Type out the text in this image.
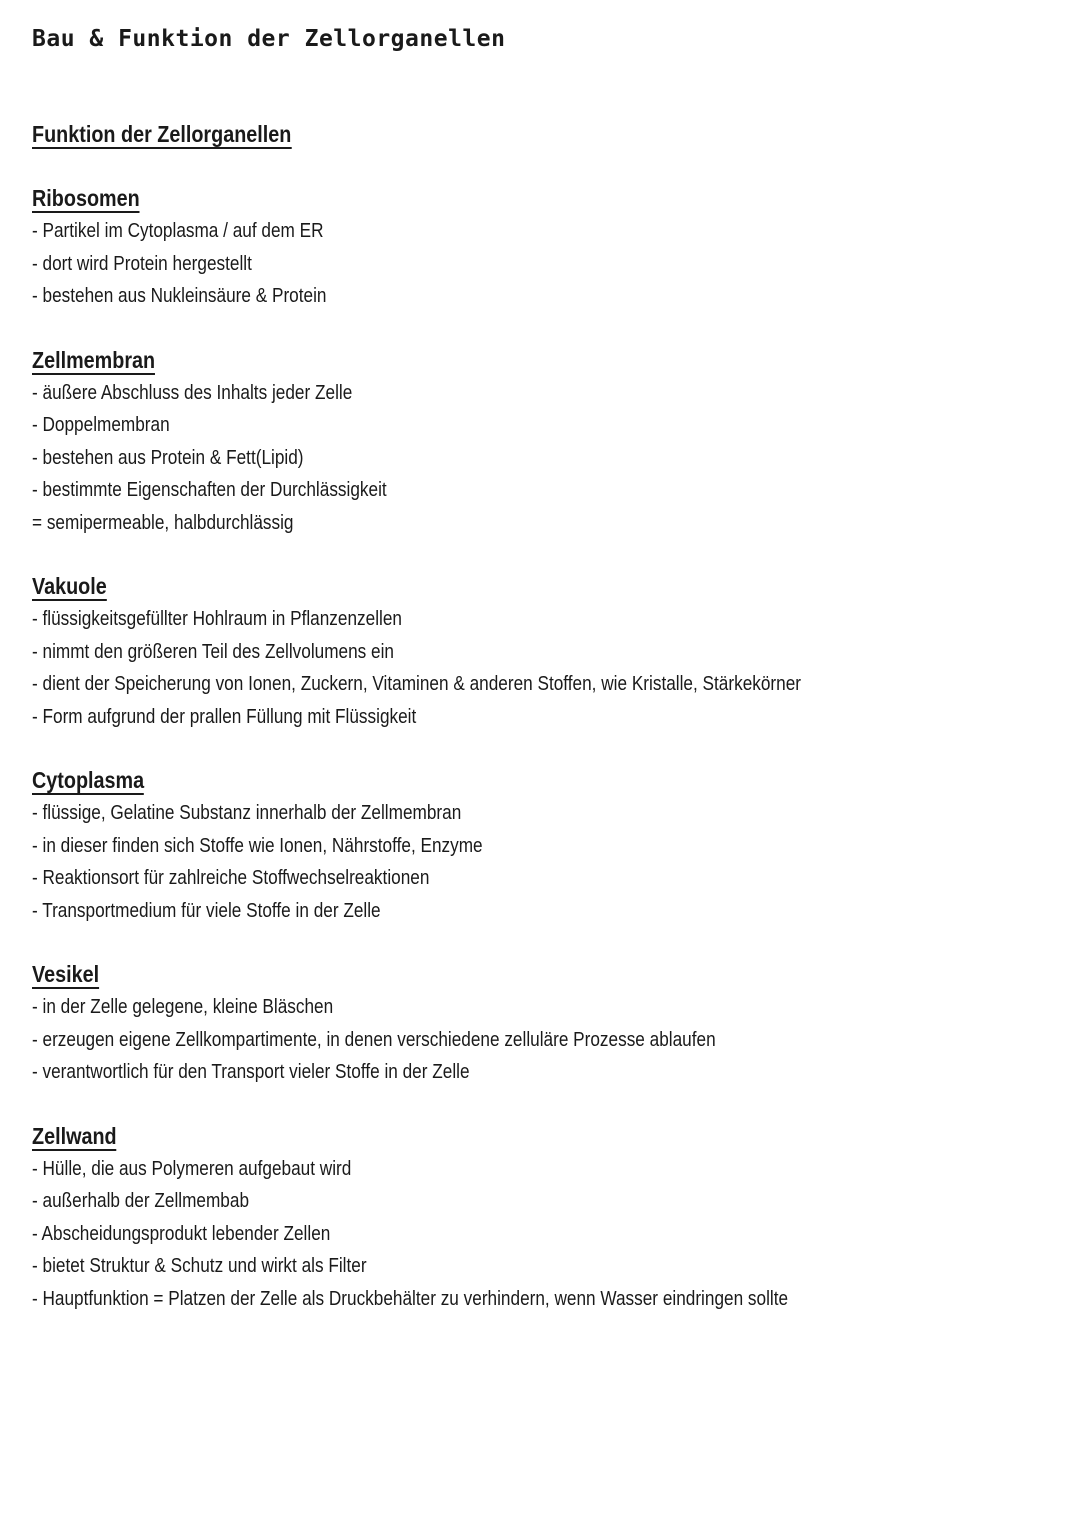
Bau & Funktion der Zellorganellen
Funktion der Zellorganellen
Ribosomen
- Partikel im Cytoplasma / auf dem ER
- dort wird Protein hergestellt
- bestehen aus Nukleinsäure & Protein
Zellmembran
- äußere Abschluss des Inhalts jeder Zelle
- Doppelmembran
- bestehen aus Protein & Fett(Lipid)
- bestimmte Eigenschaften der Durchlässigkeit
= semipermeable, halbdurchlässig
Vakuole
- flüssigkeitsgefüllter Hohlraum in Pflanzenzellen
- nimmt den größeren Teil des Zellvolumens ein
- dient der Speicherung von Ionen, Zuckern, Vitaminen & anderen Stoffen, wie Kristalle, Stärkekörner
- Form aufgrund der prallen Füllung mit Flüssigkeit
Cytoplasma
- flüssige, Gelatine Substanz innerhalb der Zellmembran
- in dieser finden sich Stoffe wie Ionen, Nährstoffe, Enzyme
- Reaktionsort für zahlreiche Stoffwechselreaktionen
- Transportmedium für viele Stoffe in der Zelle
Vesikel
- in der Zelle gelegene, kleine Bläschen
- erzeugen eigene Zellkompartimente, in denen verschiedene zelluläre Prozesse ablaufen
- verantwortlich für den Transport vieler Stoffe in der Zelle
Zellwand
- Hülle, die aus Polymeren aufgebaut wird
- außerhalb der Zellmembab
- Abscheidungsprodukt lebender Zellen
- bietet Struktur & Schutz und wirkt als Filter
- Hauptfunktion = Platzen der Zelle als Druckbehälter zu verhindern, wenn Wasser eindringen sollte
